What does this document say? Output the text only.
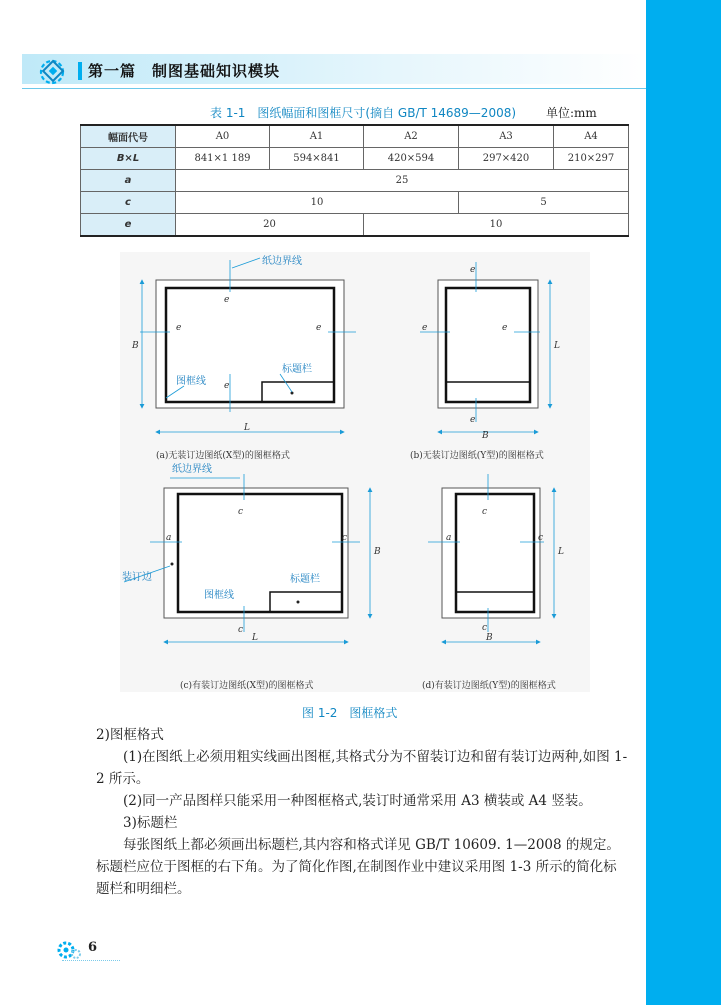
第一篇　制图基础知识模块
表 1-1　图纸幅面和图框尺寸(摘自 GB/T 14689—2008) 单位:mm
幅面代号	A0	A1	A2	A3	A4
B×L	841×1 189	594×841	420×594	297×420	210×297
a	25				
c	10			5	
e	20		10		
纸边界线
e
e	e
e
B
L
图框线
标题栏
(a)无装订边图纸(X型)的图框格式
e	e
e
e
L
B
(b)无装订边图纸(Y型)的图框格式
纸边界线
a	c
c
c
B
L
装订边
图框线
标题栏
(c)有装订边图纸(X型)的图框格式
a	c
c
c
L
B
(d)有装订边图纸(Y型)的图框格式
图 1-2　图框格式
2)图框格式
(1)在图纸上必须用粗实线画出图框,其格式分为不留装订边和留有装订边两种,如图 1-2 所示。
(2)同一产品图样只能采用一种图框格式,装订时通常采用 A3 横装或 A4 竖装。
3)标题栏
每张图纸上都必须画出标题栏,其内容和格式详见 GB/T 10609. 1—2008 的规定。标题栏应位于图框的右下角。为了简化作图,在制图作业中建议采用图 1-3 所示的简化标题栏和明细栏。
6
